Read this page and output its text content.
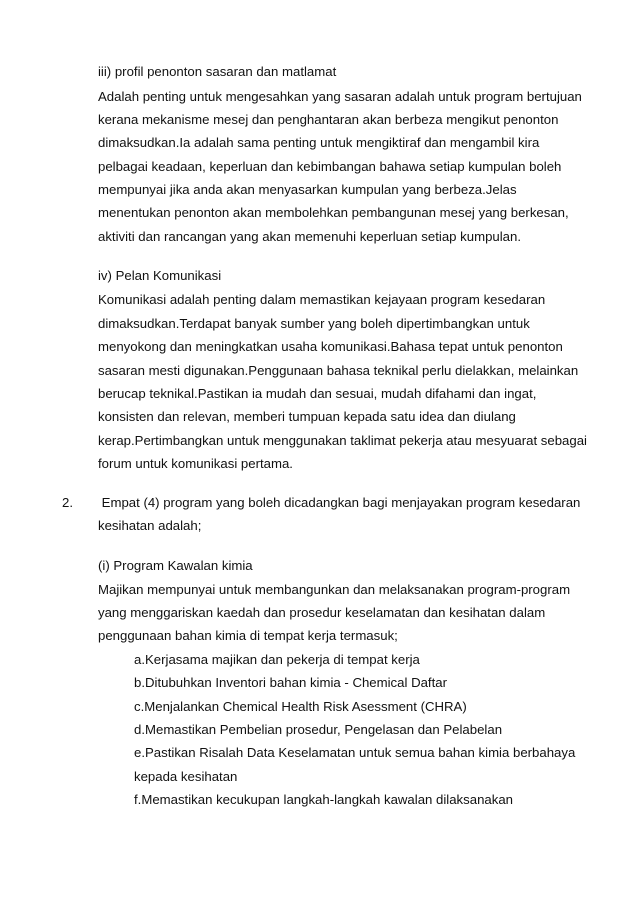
iii) profil penonton sasaran dan matlamat
Adalah penting untuk mengesahkan yang sasaran adalah untuk program bertujuan
kerana mekanisme mesej dan penghantaran akan berbeza mengikut penonton
dimaksudkan.Ia adalah sama penting untuk mengiktiraf dan mengambil kira
pelbagai keadaan, keperluan dan kebimbangan bahawa setiap kumpulan boleh
mempunyai jika anda akan menyasarkan kumpulan yang berbeza.Jelas
menentukan penonton akan membolehkan pembangunan mesej yang berkesan,
aktiviti dan rancangan yang akan memenuhi keperluan setiap kumpulan.
iv) Pelan Komunikasi
Komunikasi adalah penting dalam memastikan kejayaan program kesedaran
dimaksudkan.Terdapat banyak sumber yang boleh dipertimbangkan untuk
menyokong dan meningkatkan usaha komunikasi.Bahasa tepat untuk penonton
sasaran mesti digunakan.Penggunaan bahasa teknikal perlu dielakkan, melainkan
berucap teknikal.Pastikan ia mudah dan sesuai, mudah difahami dan ingat,
konsisten dan relevan, memberi tumpuan kepada satu idea dan diulang
kerap.Pertimbangkan untuk menggunakan taklimat pekerja atau mesyuarat sebagai
forum untuk komunikasi pertama.
2. Empat (4) program yang boleh dicadangkan bagi menjayakan program kesedaran
kesihatan adalah;
(i) Program Kawalan kimia
Majikan mempunyai untuk membangunkan dan melaksanakan program-program
yang menggariskan kaedah dan prosedur keselamatan dan kesihatan dalam
penggunaan bahan kimia di tempat kerja termasuk;
a.Kerjasama majikan dan pekerja di tempat kerja
b.Ditubuhkan Inventori bahan kimia - Chemical Daftar
c.Menjalankan Chemical Health Risk Asessment (CHRA)
d.Memastikan Pembelian prosedur, Pengelasan dan Pelabelan
e.Pastikan Risalah Data Keselamatan untuk semua bahan kimia berbahaya
kepada kesihatan
f.Memastikan kecukupan langkah-langkah kawalan dilaksanakan
